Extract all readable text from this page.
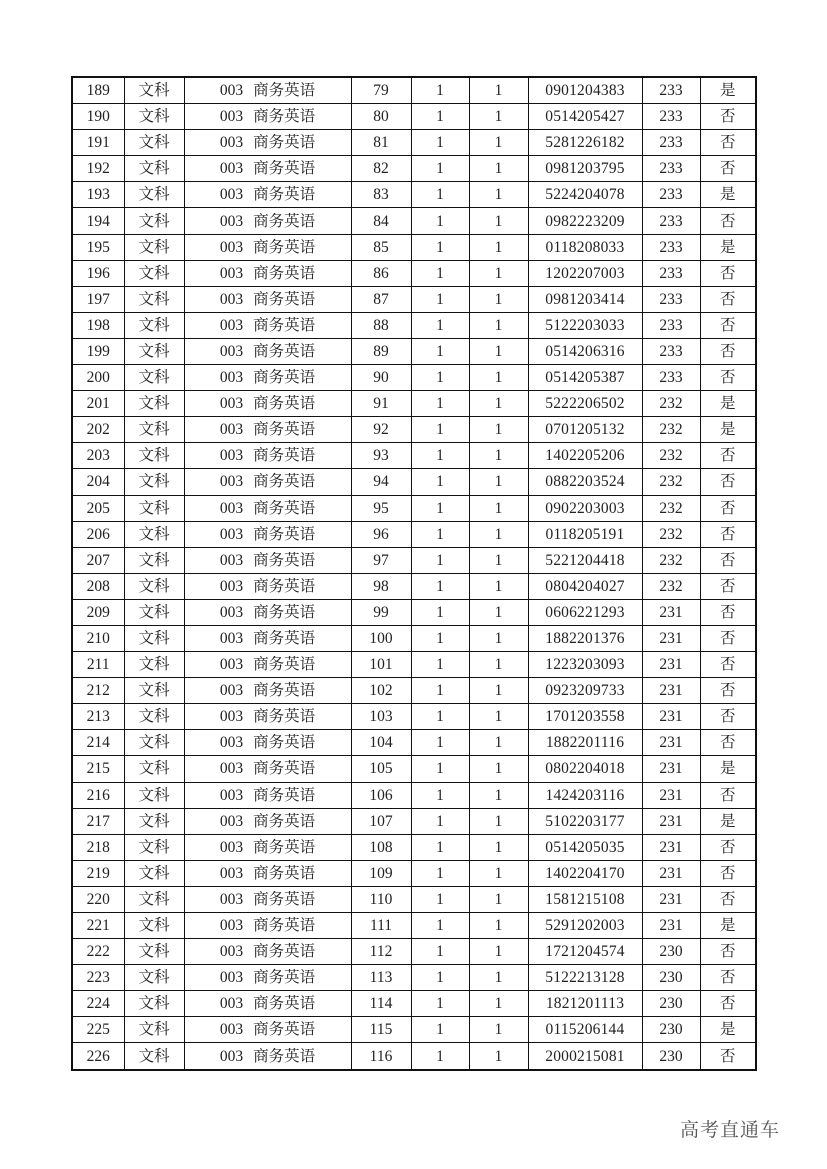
189	文科	003 商务英语	79	1	1	0901204383	233	是
190	文科	003 商务英语	80	1	1	0514205427	233	否
191	文科	003 商务英语	81	1	1	5281226182	233	否
192	文科	003 商务英语	82	1	1	0981203795	233	否
193	文科	003 商务英语	83	1	1	5224204078	233	是
194	文科	003 商务英语	84	1	1	0982223209	233	否
195	文科	003 商务英语	85	1	1	0118208033	233	是
196	文科	003 商务英语	86	1	1	1202207003	233	否
197	文科	003 商务英语	87	1	1	0981203414	233	否
198	文科	003 商务英语	88	1	1	5122203033	233	否
199	文科	003 商务英语	89	1	1	0514206316	233	否
200	文科	003 商务英语	90	1	1	0514205387	233	否
201	文科	003 商务英语	91	1	1	5222206502	232	是
202	文科	003 商务英语	92	1	1	0701205132	232	是
203	文科	003 商务英语	93	1	1	1402205206	232	否
204	文科	003 商务英语	94	1	1	0882203524	232	否
205	文科	003 商务英语	95	1	1	0902203003	232	否
206	文科	003 商务英语	96	1	1	0118205191	232	否
207	文科	003 商务英语	97	1	1	5221204418	232	否
208	文科	003 商务英语	98	1	1	0804204027	232	否
209	文科	003 商务英语	99	1	1	0606221293	231	否
210	文科	003 商务英语	100	1	1	1882201376	231	否
211	文科	003 商务英语	101	1	1	1223203093	231	否
212	文科	003 商务英语	102	1	1	0923209733	231	否
213	文科	003 商务英语	103	1	1	1701203558	231	否
214	文科	003 商务英语	104	1	1	1882201116	231	否
215	文科	003 商务英语	105	1	1	0802204018	231	是
216	文科	003 商务英语	106	1	1	1424203116	231	否
217	文科	003 商务英语	107	1	1	5102203177	231	是
218	文科	003 商务英语	108	1	1	0514205035	231	否
219	文科	003 商务英语	109	1	1	1402204170	231	否
220	文科	003 商务英语	110	1	1	1581215108	231	否
221	文科	003 商务英语	111	1	1	5291202003	231	是
222	文科	003 商务英语	112	1	1	1721204574	230	否
223	文科	003 商务英语	113	1	1	5122213128	230	否
224	文科	003 商务英语	114	1	1	1821201113	230	否
225	文科	003 商务英语	115	1	1	0115206144	230	是
226	文科	003 商务英语	116	1	1	2000215081	230	否
高考直通车
